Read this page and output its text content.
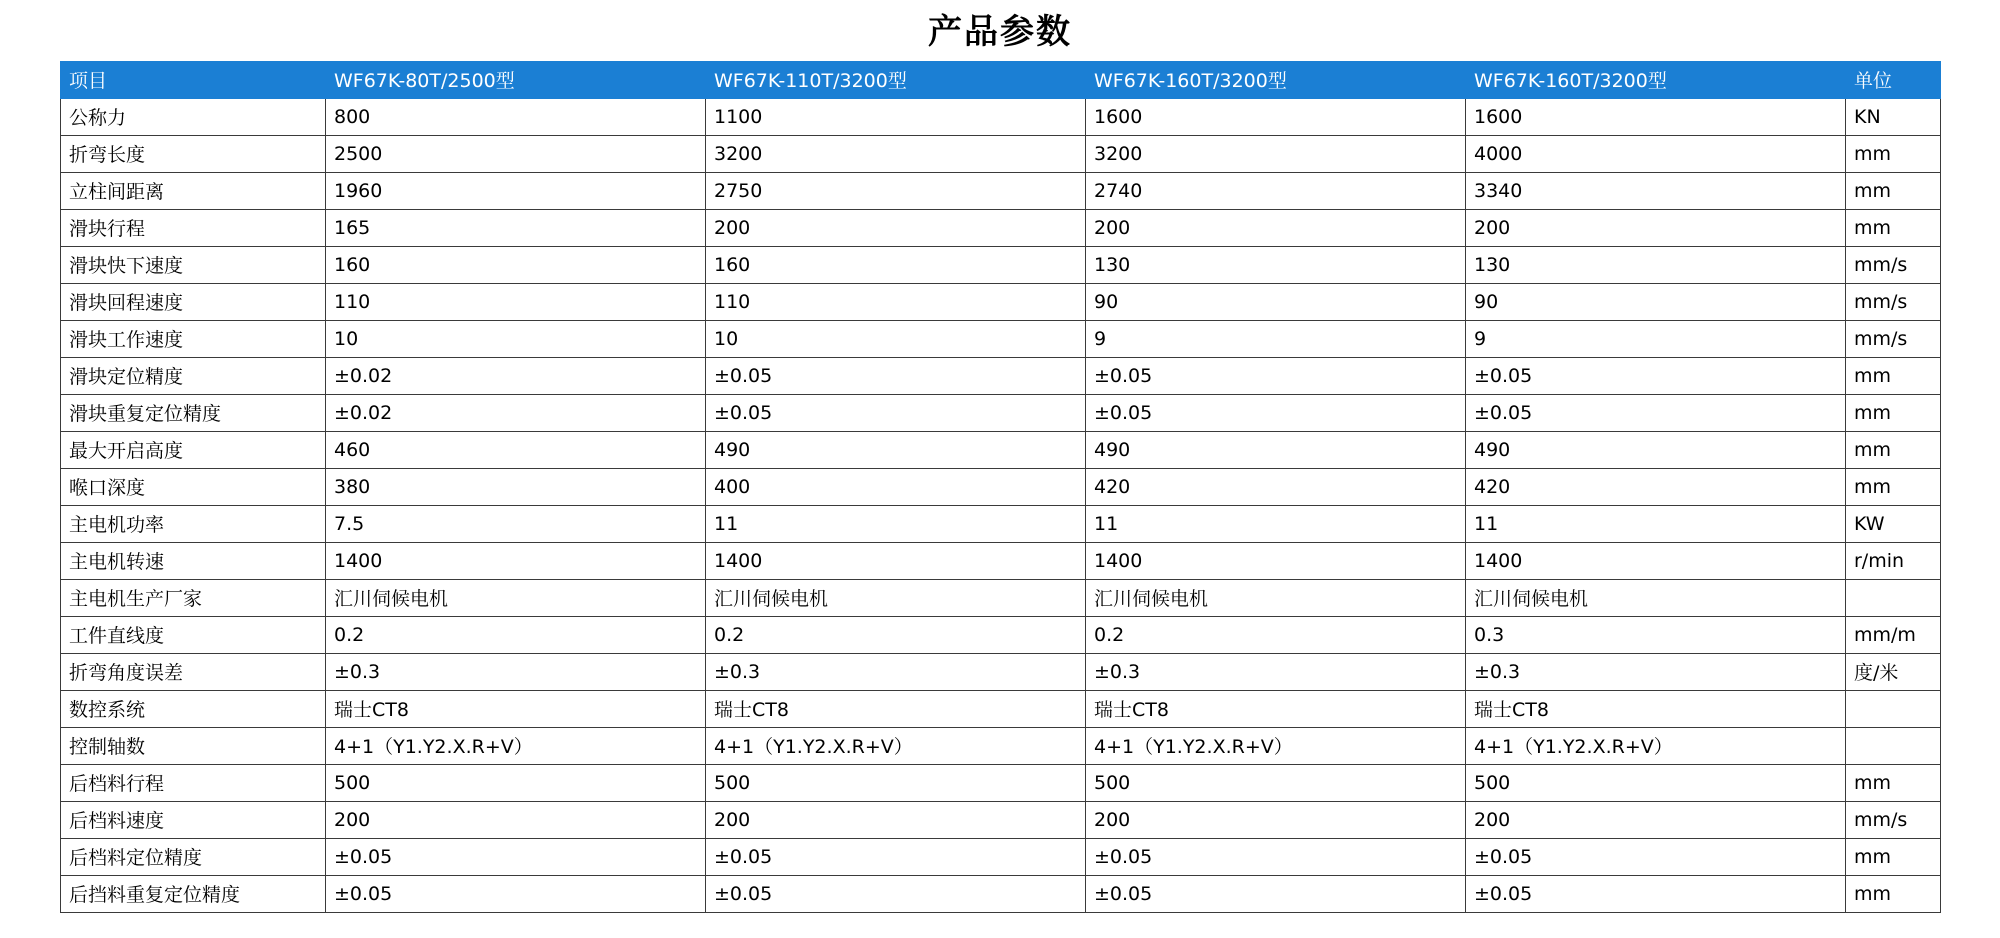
产品参数
项目	WF67K-80T/2500型	WF67K-110T/3200型	WF67K-160T/3200型	WF67K-160T/3200型	单位
公称力	800	1100	1600	1600	KN
折弯长度	2500	3200	3200	4000	mm
立柱间距离	1960	2750	2740	3340	mm
滑块行程	165	200	200	200	mm
滑块快下速度	160	160	130	130	mm/s
滑块回程速度	110	110	90	90	mm/s
滑块工作速度	10	10	9	9	mm/s
滑块定位精度	±0.02	±0.05	±0.05	±0.05	mm
滑块重复定位精度	±0.02	±0.05	±0.05	±0.05	mm
最大开启高度	460	490	490	490	mm
喉口深度	380	400	420	420	mm
主电机功率	7.5	11	11	11	KW
主电机转速	1400	1400	1400	1400	r/min
主电机生产厂家	汇川伺候电机	汇川伺候电机	汇川伺候电机	汇川伺候电机	
工件直线度	0.2	0.2	0.2	0.3	mm/m
折弯角度误差	±0.3	±0.3	±0.3	±0.3	度/米
数控系统	瑞士CT8	瑞士CT8	瑞士CT8	瑞士CT8	
控制轴数	4+1（Y1.Y2.X.R+V）	4+1（Y1.Y2.X.R+V）	4+1（Y1.Y2.X.R+V）	4+1（Y1.Y2.X.R+V）	
后档料行程	500	500	500	500	mm
后档料速度	200	200	200	200	mm/s
后档料定位精度	±0.05	±0.05	±0.05	±0.05	mm
后挡料重复定位精度	±0.05	±0.05	±0.05	±0.05	mm
